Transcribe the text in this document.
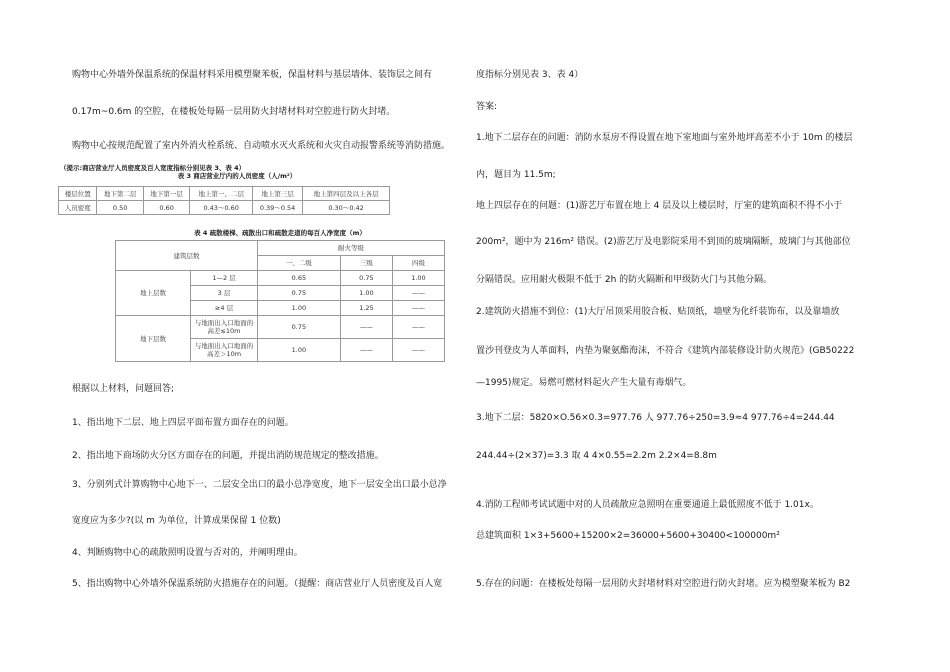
购物中心外墙外保温系统的保温材料采用模塑聚苯板，保温材料与基层墙体、装饰层之间有
0.17m~0.6m 的空腔，在楼板处每隔一层用防火封堵材料对空腔进行防火封堵。
购物中心按规范配置了室内外消火栓系统、自动喷水灭火系统和火灾自动报警系统等消防措施。
（提示:商店营业厅人员密度及百人宽度指标分别见表 3、表 4）
表 3 商店营业厅内的人员密度（人/m²）
楼层位置	地下第二层	地下第一层	地上第一、二层	地上第三层	地上第四层及以上各层
人员密度	0.50	0.60	0.43～0.60	0.39～0.54	0.30～0.42
表 4 疏散楼梯、疏散出口和疏散走道的每百人净宽度（m）
建筑层数		耐火等级		
		一、二级	三级	四级
地上层数	1—2 层	0.65	0.75	1.00
	3 层	0.75	1.00	——
	≥4 层	1.00	1.25	——
地下层数	与地面出入口地面的高差≤10m	0.75	——	——
	与地面出入口地面的高差＞10m	1.00	——	——
根据以上材料，问题回答;
1、指出地下二层、地上四层平面布置方面存在的问题。
2、指出地下商场防火分区方面存在的问题，并提出消防规范规定的整改措施。
3、分别列式计算购物中心地下一、二层安全出口的最小总净宽度，地下一层安全出口最小总净
宽度应为多少?(以 m 为单位，计算成果保留 1 位数)
4、判断购物中心的疏散照明设置与否对的，并阐明理由。
5、指出购物中心外墙外保温系统防火措施存在的问题。（提醒：商店营业厅人员密度及百人宽
度指标分别见表 3、表 4）
答案:
1.地下二层存在的问题：消防水泵房不得设置在地下室地面与室外地坪高差不小于 10m 的楼层
内，题目为 11.5m;
地上四层存在的问题：(1)游艺厅布置在地上 4 层及以上楼层时，厅室的建筑面积不得不小于
200m²，题中为 216m² 错误。(2)游艺厅及电影院采用不到顶的玻璃隔断，玻璃门与其他部位
分隔错误。应用耐火极限不低于 2h 的防火隔断和甲级防火门与其他分隔。
2.建筑防火措施不到位：(1)大厅吊顶采用胶合板、贴顶纸，墙壁为化纤装饰布，以及靠墙放
置沙刊登皮为人革面料，内垫为聚氨酯海沫，不符合《建筑内部装修设计防火规范》(GB50222
—1995)规定。易燃可燃材料起火产生大量有毒烟气。
3.地下二层：5820×O.56×0.3=977.76 人 977.76÷250=3.9≈4 977.76÷4=244.44
244.44÷(2×37)=3.3 取 4 4×0.55=2.2m 2.2×4=8.8m
4.消防工程师考试试题中对的人员疏散应急照明在重要通道上最低照度不低于 1.01x。
总建筑面积 1×3+5600+15200×2=36000+5600+30400<100000m²
5.存在的问题：在楼板处每隔一层用防火封堵材料对空腔进行防火封堵。应为模塑聚苯板为 B2
